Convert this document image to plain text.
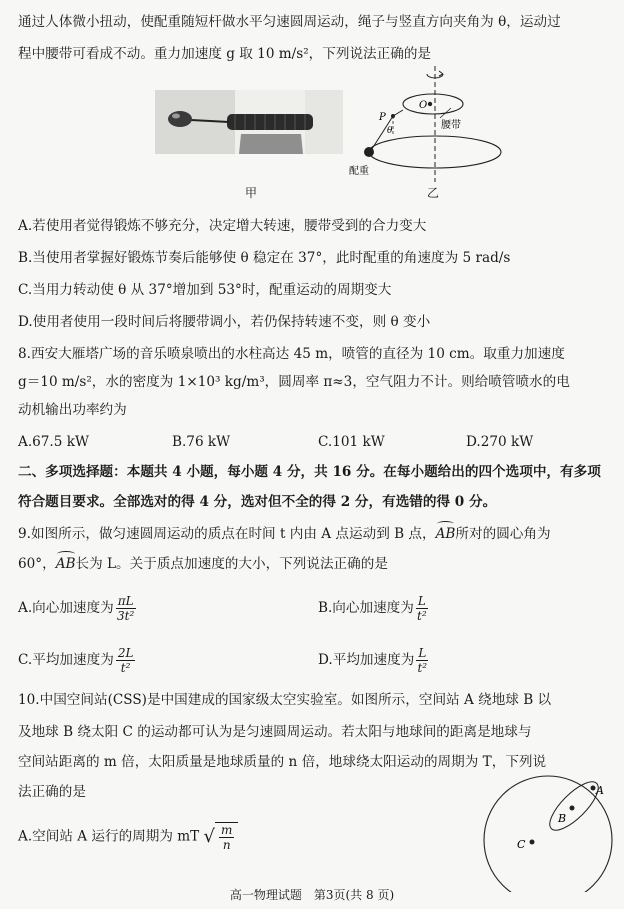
通过人体微小扭动，使配重随短杆做水平匀速圆周运动，绳子与竖直方向夹角为 θ，运动过
程中腰带可看成不动。重力加速度 g 取 10 m/s²，下列说法正确的是
甲
O
腰带
P
θ
配重
乙
A.若使用者觉得锻炼不够充分，决定增大转速，腰带受到的合力变大
B.当使用者掌握好锻炼节奏后能够使 θ 稳定在 37°，此时配重的角速度为 5 rad/s
C.当用力转动使 θ 从 37°增加到 53°时，配重运动的周期变大
D.使用者使用一段时间后将腰带调小，若仍保持转速不变，则 θ 变小
8.西安大雁塔广场的音乐喷泉喷出的水柱高达 45 m，喷管的直径为 10 cm。取重力加速度
g＝10 m/s²，水的密度为 1×10³ kg/m³，圆周率 π≈3，空气阻力不计。则给喷管喷水的电
动机输出功率约为
A.67.5 kW	B.76 kW	C.101 kW	D.270 kW
二、多项选择题：本题共 4 小题，每小题 4 分，共 16 分。在每小题给出的四个选项中，有多项
符合题目要求。全部选对的得 4 分，选对但不全的得 2 分，有选错的得 0 分。
9.如图所示，做匀速圆周运动的质点在时间 t 内由 A 点运动到 B 点，AB所对的圆心角为
60°，AB长为 L。关于质点加速度的大小，下列说法正确的是
A.向心加速度为 $\frac{\pi L}{\text{3t²}}$	B.向心加速度为 $\frac{L}{\text{t²}}$
C.平均加速度为 $\frac{2L}{\text{t²}}$	D.平均加速度为 $\frac{L}{\text{t²}}$
10.中国空间站(CSS)是中国建成的国家级太空实验室。如图所示，空间站 A 绕地球 B 以
及地球 B 绕太阳 C 的运动都可认为是匀速圆周运动。若太阳与地球间的距离是地球与
空间站距离的 m 倍，太阳质量是地球质量的 n 倍，地球绕太阳运动的周期为 T，下列说
法正确的是
A.空间站 A 运行的周期为 mT √ $\frac{m}{n}$	C
B
A
高一物理试题　第3页(共 8 页)
